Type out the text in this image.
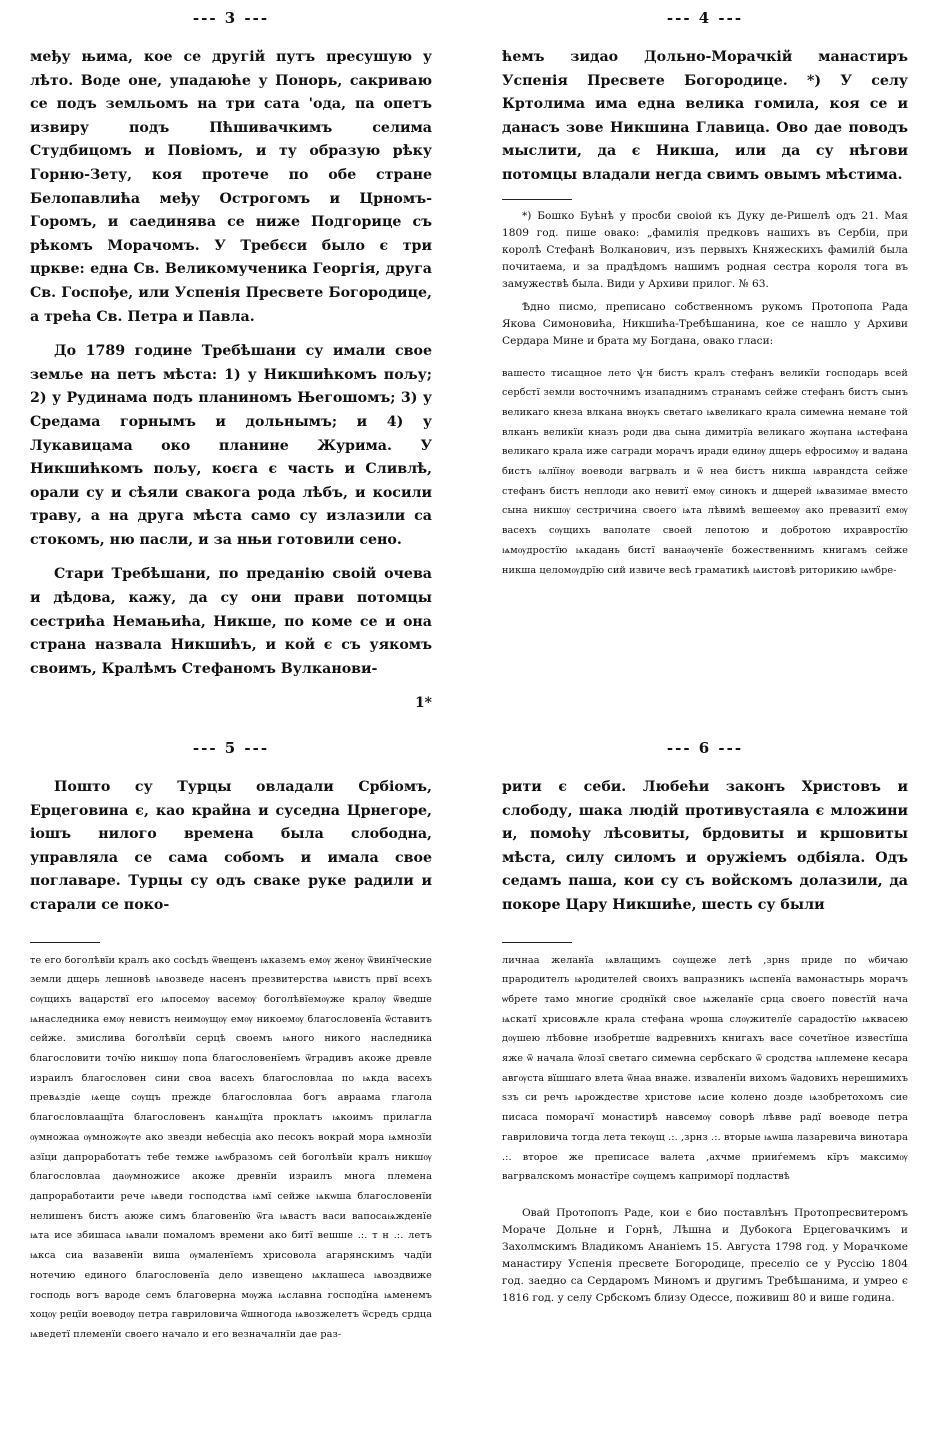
--- 3 ---

међу њима, кое се другій путъ пресушую у лѣто. Воде оне, упадаюће у Понорь, сакриваю се подъ земльомъ на три сата 'ода, па опетъ извиру подъ Пћшивачкимъ селима Студбицомъ и Повіомъ, и ту образую рѣку Горню-Зету, коя протече по обе стране Белопавлића међу Острогомъ и Црномъ-Горомъ, и саединява се ниже Подгорице съ рѣкомъ Морачомъ. У Требєси было є три цркве: една Св. Великомученика Георгія, друга Св. Госпође, или Успенія Пресвете Богородице, а трећа Св. Петра и Павла.

До 1789 године Требѣшани су имали свое земље на петъ мѣста: 1) у Никшићкомъ пољу; 2) у Рудинама подъ планиномъ Његошомъ; 3) у Средама горнымъ и дольнымъ; и 4) у Лукавицама око планине Журима. У Никшићкомъ пољу, коєга є часть и Сливлѣ, орали су и сѣяли свакога рода лѣбъ, и косили траву, а на друга мѣста само су излазили са стокомъ, ню пасли, и за нњи готовили сено.

Стари Требѣшани, по преданію своій очева и дѣдова, кажу, да су они прави потомцы сестрића Немањића, Никше, по коме се и она страна назвала Никшићъ, и кой є съ уякомъ своимъ, Кралѣмъ Стефаномъ Вулканови-

1*
--- 4 ---

ћемъ зидао Дольно-Морачкій манастиръ Успенія Пресвете Богородице. *) У селу Кртолима има една велика гомила, коя се и данасъ зове Никшина Главица. Ово дае поводъ мыслити, да є Никша, или да су нѣгови потомцы владали негда свимъ овымъ мѣстима.

*) Бошко Буѣнѣ у просби своіой къ Дуку де-Ришелѣ одъ 21. Мая 1809 год. пише овако: „фамилія предковъ нашихъ въ Сербіи, при королѣ Стефанѣ Волканович, изъ первыхъ Княжескихъ фамилій была почитаема, и за прадѣдомъ нашимъ родная сестра короля тога въ замужествѣ была. Види у Архиви прилог. № 63.

Ѣдно писмо, преписано собственномъ рукомъ Протопопа Рада Якова Симоновића, Никшића-Требѣшанина, кое се нашло у Архиви Сердара Мине и брата му Богдана, овако гласи:

вашесто тисащное лето ѱн бистъ кралъ стефанъ великїи господарь всей сербстї земли восточнимъ изападнимъ странамъ сейже стефанъ бистъ сынъ великаго кнеза влкана внѹкъ светаго ѩвеликаго крала симеѡна немане той влканъ великїи кназъ роди два сына димитрїа великаго жѹпана ѩстефана великаго крала иже сагради морачъ иради единѹ дщерь ефросимѹ и вадана бистъ ѩлїїнѹ воеводи вагрвалъ и ѿ неа бистъ никша ѩврандста сейже стефанъ бистъ неплоди ако невитї емѹ синокъ и дщерей ѩвазимае вместо сына никшѹ сестричина своего ѩта лѣвимѣ вешеемѹ ако превазитї емѹ васехъ сѹщихъ ваполате своей лепотою и добротою ихравростїю ѩмѹдростїю ѩкадань бистї ванаѹченїе божественнимъ книгамъ сейже никша целомѹдрїю сий извиче весѣ граматикѣ ѩистовѣ риторикию ѩѡбре-

--- 5 ---

Пошто су Турцы овладали Србіомъ, Ерцеговина є, као крайна и суседна Црнегоре, іошъ нилого времена была слободна, управляла се сама собомъ и имала свое поглаваре. Турцы су одъ сваке руке радили и старали се поко-

те его боголѣвїи кралъ ако сосѣдъ ѿвещенъ ѩказемъ емѹ женѹ ѿвинїческие земли дщерь лешновѣ ѩвозведе насенъ презвитерства ѩвистъ првї всехъ сѹщихъ вацарствї его ѩпосемѹ васемѹ боголѣвїемѹже кралѹ ѿведше ѩнаследника емѹ невистъ неимѹщѹ емѹ никоемѹ благословенїа ѿставитъ сейже. змислива боголѣвїи серцѣ своемъ ѩного никого наследника благословити точїю никшѹ попа благословенїемъ ѿградивъ акоже древле израилъ благословен сини своа васехъ благословлаа по ѩкда васехъ превѧздіе ѩеще сѹщъ прежде благословлаа богъ авраама глагола благословлаащїта благословенъ канѧщїта проклатъ ѩкоимъ прилагла ѹмножаа ѹмножѹте ако звезди небесціа ако песокъ вокрай мора ѩмнозїи азїци дапроработатъ тебе темже ѩѡбразомъ сей боголѣвїи кралъ никшѹ благословлаа даѹмножисе акоже древнїи израилъ многа племена дапроработаити рече ѩведи господства ѩмї сейже ѩкѡша благословенїи нелишенъ бистъ аюже симъ благовенїю ѿга ѩвастъ васи вапосаѩжденїе ѩта исе збишаса ѩвали помаломъ времени ако битї вешше .:. т н .:. летъ ѩкса сиа вазавенїи виша ѹмаленїемъ хрисовола агарянскимъ чадїи нотечию единого благословенїа дело извещено ѩклашеса ѩвоздвиже господь вогъ вароде семъ благоверна мѹжа ѩславна господїна ѩменемъ хоцѹ рецїи воеводѹ петра гавриловича ѿшногода ѩвозжелетъ ѿсредъ срдца ѩведетї племенїи своего начало и его везначалнїи дае раз-

--- 6 ---

рити є себи. Любећи законъ Христовъ и слободу, шака людій противустаяла є мложини и, помоћу лѣсовиты, брдовиты и кршовиты мѣста, силу силомъ и оружіемъ одбіяла. Одъ седамъ паша, кои су съ войскомъ долазили, да покоре Цару Никшиће, шесть су были

личнаа желанїа ѩвлащимъ сѹщеже летѣ ,зрнѕ приде по ѡбичаю прародителъ ѩродителей своихъ вапразникъ ѩспенїа вамонастырь морачъ ѡбрете тамо многие сроднїкй свое ѩжеланїе срца своего повестїй нача ѩскатї хрисовѫле крала стефана ѡроша слѹжителїе сарадостїю ѩквасею дѹшею лѣбовне изобретше вадревнихъ книгахъ васе сочетїное известїша яже ѿ начала ѿлозї светаго симеѡна сербскаго ѿ сродства ѩплемене кесара авгѹста вїшшаго влета ѿнаа внаже. изваленїи вихомъ ѿадовихъ нерешимихъ ѕзъ си речъ ѩрождестве христове ѩсие колено дозде ѩзобретохомъ сие писаса поморачї монастирѣ навсемѹ соворѣ лѣвве радї воеводе петра гавриловича тогда лета текѹщ .:. ,зрнз .:. вторые ѩѡша лазаревича винотара .:. второе же преписасе валета ,ахчме прииѓемемъ кїръ максимѹ вагрвалскомъ монастїре сѹщемъ каприморї подластвѣ

Овай Протопопъ Раде, кои є био поставлѣнъ Протопресвитеромъ Мораче Дольне и Горнѣ, Лѣшна и Дубокога Ерцеговачкимъ и Захолмскимъ Владикомъ Ананіемъ 15. Августа 1798 год. у Морачкоме манастиру Успенія пресвете Богородице, преселіо се у Руссію 1804 год. заедно са Сердаромъ Миномъ и другимъ Требѣшанима, и умрео є 1816 год. у селу Србскомъ близу Одессе, поживиш 80 и више година.
